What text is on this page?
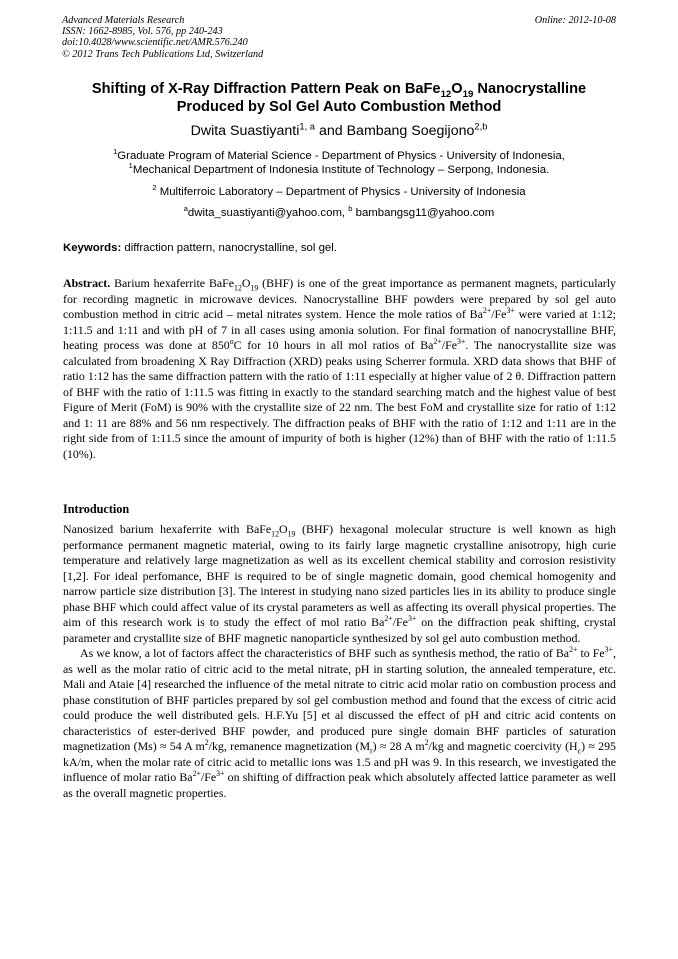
Advanced Materials Research
ISSN: 1662-8985, Vol. 576, pp 240-243
doi:10.4028/www.scientific.net/AMR.576.240
© 2012 Trans Tech Publications Ltd, Switzerland
Online: 2012-10-08
Shifting of X-Ray Diffraction Pattern Peak on $BaFe_{12}O_{19}$ Nanocrystalline
Produced by Sol Gel Auto Combustion Method
Dwita Suastiyanti$^{1, a}$ and Bambang Soegijono$^{2,b}$
$^1$Graduate Program of Material Science - Department of Physics - University of Indonesia,
$^1$Mechanical Department of Indonesia Institute of Technology – Serpong, Indonesia.
$^2$ Multiferroic Laboratory – Department of Physics - University of Indonesia
$^a$dwita_suastiyanti@yahoo.com, $^b$ bambangsg11@yahoo.com
Keywords: diffraction pattern, nanocrystalline, sol gel.

Abstract. Barium hexaferrite $BaFe_{12}O_{19}$ (BHF) is one of the great importance as permanent magnets, particularly for recording magnetic in microwave devices. Nanocrystalline BHF powders were prepared by sol gel auto combustion method in citric acid – metal nitrates system. Hence the mole ratios of $Ba^{2+}/Fe^{3+}$ were varied at 1:12; 1:11.5 and 1:11 and with pH of 7 in all cases using amonia solution. For final formation of nanocrystalline BHF, heating process was done at 850$^o$C for 10 hours in all mol ratios of $Ba^{2+}/Fe^{3+}$. The nanocrystallite size was calculated from broadening X Ray Diffraction (XRD) peaks using Scherrer formula. XRD data shows that BHF of ratio 1:12 has the same diffraction pattern with the ratio of 1:11 especially at higher value of 2 θ. Diffraction pattern of BHF with the ratio of 1:11.5 was fitting in exactly to the standard searching match and the highest value of best Figure of Merit (FoM) is 90% with the crystallite size of 22 nm. The best FoM and crystallite size for ratio of 1:12 and 1: 11 are 88% and 56 nm respectively. The diffraction peaks of BHF with the ratio of 1:12 and 1:11 are in the right side from of 1:11.5 since the amount of impurity of both is higher (12%) than of BHF with the ratio of 1:11.5 (10%).

Introduction

Nanosized barium hexaferrite with $BaFe_{12}O_{19}$ (BHF) hexagonal molecular structure is well known as high performance permanent magnetic material, owing to its fairly large magnetic crystalline anisotropy, high curie temperature and relatively large magnetization as well as its excellent chemical stability and corrosion resistivity [1,2]. For ideal perfomance, BHF is required to be of single magnetic domain, good chemical homogenity and narrow particle size distribution [3]. The interest in studying nano sized particles lies in its ability to produce single phase BHF which could affect value of its crystal parameters as well as affecting its overall physical properties. The aim of this research work is to study the effect of mol ratio $Ba^{2+}/Fe^{3+}$ on the diffraction peak shifting, crystal parameter and crystallite size of BHF magnetic nanoparticle synthesized by sol gel auto combustion method.

As we know, a lot of factors affect the characteristics of BHF such as synthesis method, the ratio of $Ba^{2+}$ to $Fe^{3+}$, as well as the molar ratio of citric acid to the metal nitrate, pH in starting solution, the annealed temperature, etc. Mali and Ataie [4] researched the influence of the metal nitrate to citric acid molar ratio on combustion process and phase constitution of BHF particles prepared by sol gel combustion method and found that the excess of citric acid could produce the well distributed gels. H.F.Yu [5] et al discussed the effect of pH and citric acid contents on characteristics of ester-derived BHF powder, and produced pure single domain BHF particles of saturation magnetization (Ms) ≈ 54 A $m^2/kg$, remanence magnetization $(M_r) \approx 28$ A $m^2/kg$ and magnetic coercivity $(H_c) \approx 295$ kA/m, when the molar rate of citric acid to metallic ions was 1.5 and pH was 9. In this research, we investigated the influence of molar ratio $Ba^{2+}/Fe^{3+}$ on shifting of diffraction peak which absolutely affected lattice parameter as well as the overall magnetic properties.
